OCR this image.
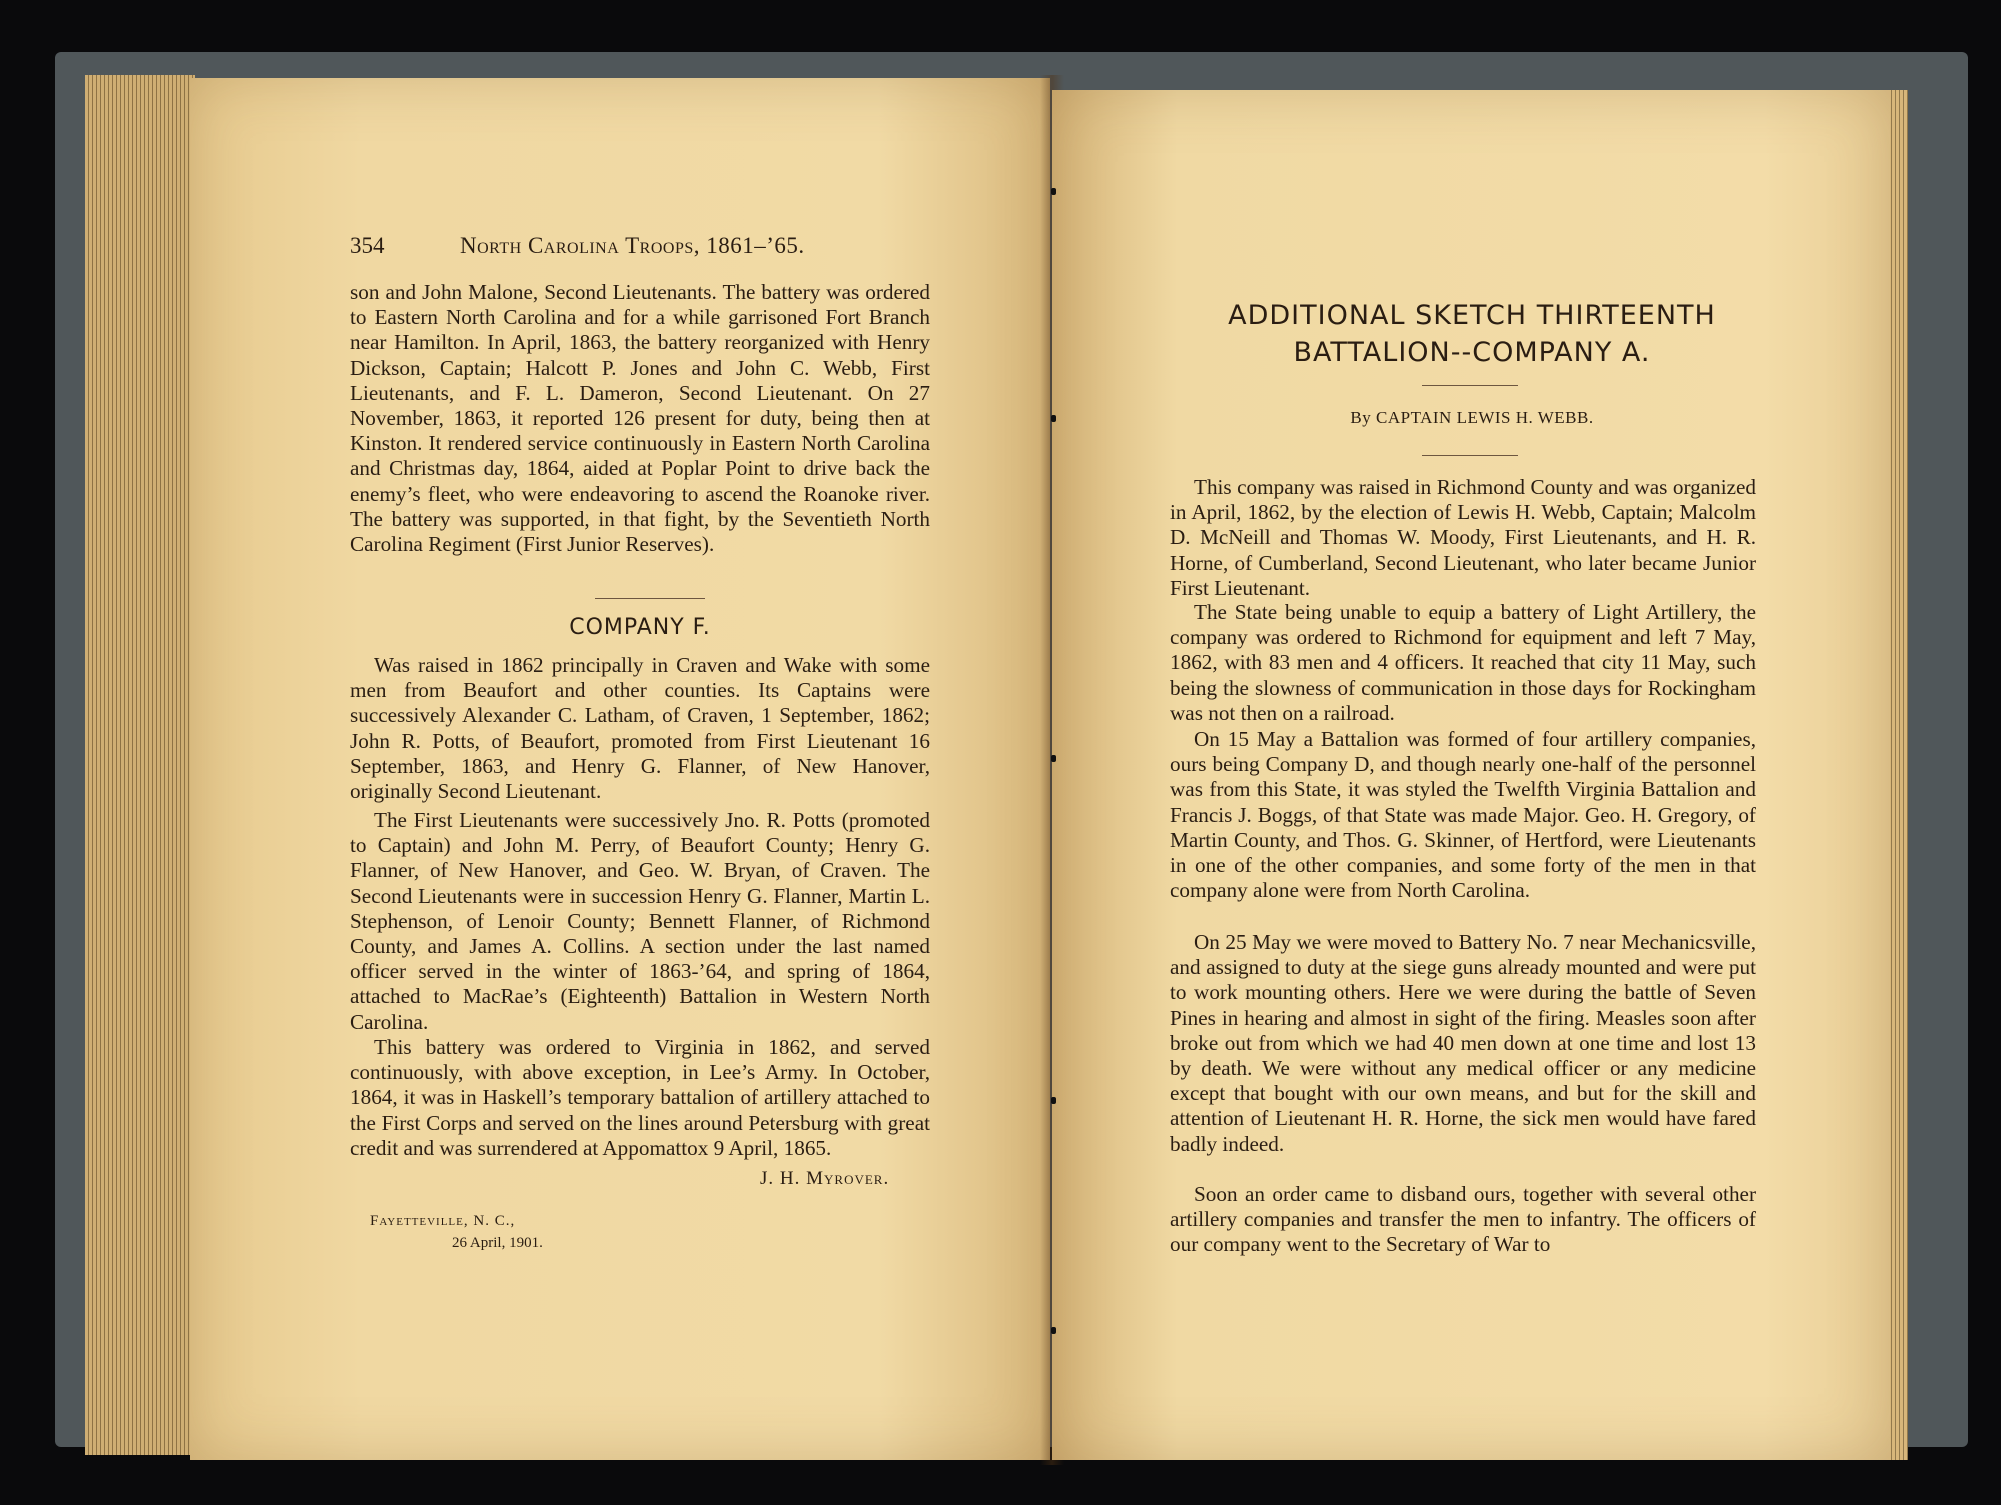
354	North Carolina Troops, 1861–’65.

son and John Malone, Second Lieutenants. The battery was ordered to Eastern North Carolina and for a while garrisoned Fort Branch near Hamilton. In April, 1863, the battery reorganized with Henry Dickson, Captain; Halcott P. Jones and John C. Webb, First Lieutenants, and F. L. Dameron, Second Lieutenant. On 27 November, 1863, it reported 126 present for duty, being then at Kinston. It rendered service continuously in Eastern North Carolina and Christmas day, 1864, aided at Poplar Point to drive back the enemy’s fleet, who were endeavoring to ascend the Roanoke river. The battery was supported, in that fight, by the Seventieth North Carolina Regiment (First Junior Reserves).

COMPANY F.

Was raised in 1862 principally in Craven and Wake with some men from Beaufort and other counties. Its Captains were successively Alexander C. Latham, of Craven, 1 September, 1862; John R. Potts, of Beaufort, promoted from First Lieutenant 16 September, 1863, and Henry G. Flanner, of New Hanover, originally Second Lieutenant.

The First Lieutenants were successively Jno. R. Potts (promoted to Captain) and John M. Perry, of Beaufort County; Henry G. Flanner, of New Hanover, and Geo. W. Bryan, of Craven. The Second Lieutenants were in succession Henry G. Flanner, Martin L. Stephenson, of Lenoir County; Bennett Flanner, of Richmond County, and James A. Collins. A section under the last named officer served in the winter of 1863-’64, and spring of 1864, attached to MacRae’s (Eighteenth) Battalion in Western North Carolina.

This battery was ordered to Virginia in 1862, and served continuously, with above exception, in Lee’s Army. In October, 1864, it was in Haskell’s temporary battalion of artillery attached to the First Corps and served on the lines around Petersburg with great credit and was surrendered at Appomattox 9 April, 1865.

J. H. Myrover.

Fayetteville, N. C.,
26 April, 1901.
ADDITIONAL SKETCH THIRTEENTH
BATTALION--COMPANY A.

By CAPTAIN LEWIS H. WEBB.

This company was raised in Richmond County and was organized in April, 1862, by the election of Lewis H. Webb, Captain; Malcolm D. McNeill and Thomas W. Moody, First Lieutenants, and H. R. Horne, of Cumberland, Second Lieutenant, who later became Junior First Lieutenant.

The State being unable to equip a battery of Light Artillery, the company was ordered to Richmond for equipment and left 7 May, 1862, with 83 men and 4 officers. It reached that city 11 May, such being the slowness of communication in those days for Rockingham was not then on a railroad.

On 15 May a Battalion was formed of four artillery companies, ours being Company D, and though nearly one-half of the personnel was from this State, it was styled the Twelfth Virginia Battalion and Francis J. Boggs, of that State was made Major. Geo. H. Gregory, of Martin County, and Thos. G. Skinner, of Hertford, were Lieutenants in one of the other companies, and some forty of the men in that company alone were from North Carolina.

On 25 May we were moved to Battery No. 7 near Mechanicsville, and assigned to duty at the siege guns already mounted and were put to work mounting others. Here we were during the battle of Seven Pines in hearing and almost in sight of the firing. Measles soon after broke out from which we had 40 men down at one time and lost 13 by death. We were without any medical officer or any medicine except that bought with our own means, and but for the skill and attention of Lieutenant H. R. Horne, the sick men would have fared badly indeed.

Soon an order came to disband ours, together with several other artillery companies and transfer the men to infantry. The officers of our company went to the Secretary of War to
